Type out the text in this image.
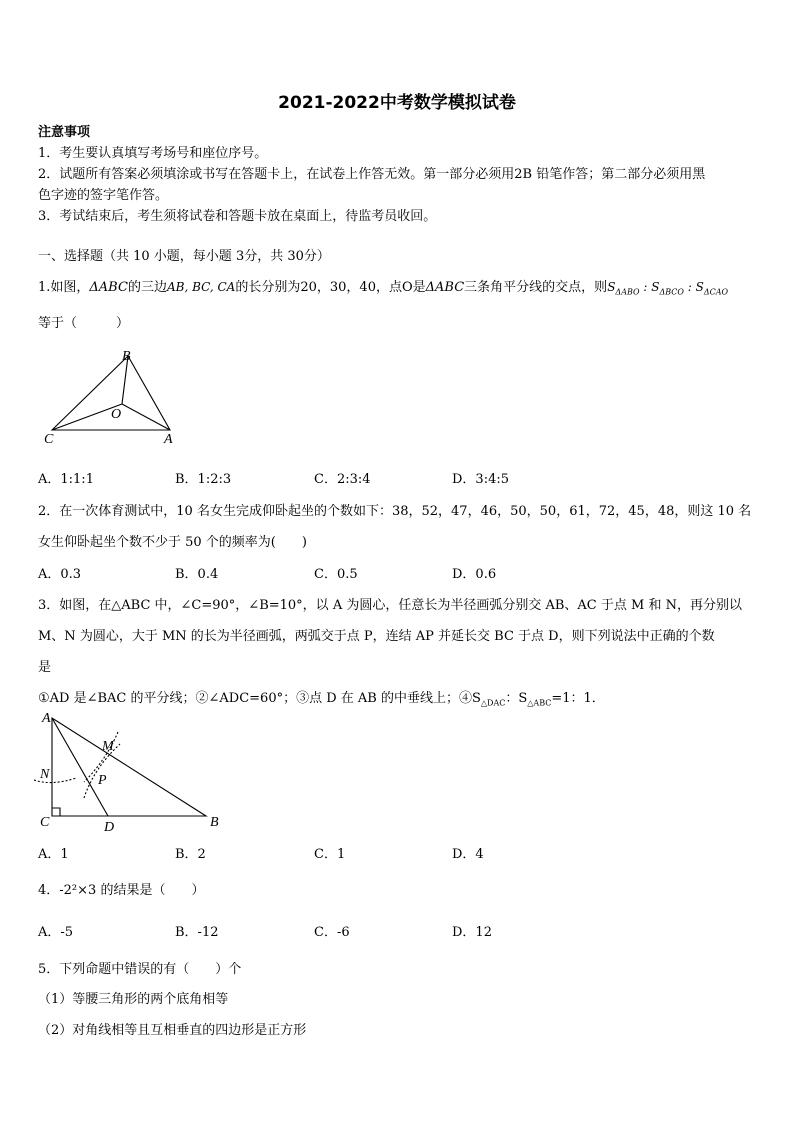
2021-2022中考数学模拟试卷
注意事项
1．考生要认真填写考场号和座位序号。
2．试题所有答案必须填涂或书写在答题卡上，在试卷上作答无效。第一部分必须用2B 铅笔作答；第二部分必须用黑
色字迹的签字笔作答。
3．考试结束后，考生须将试卷和答题卡放在桌面上，待监考员收回。
一、选择题（共 10 小题，每小题 3分，共 30分）
1.如图，ΔABC的三边AB, BC, CA的长分别为20，30，40，点O是ΔABC三条角平分线的交点，则$S_{\Delta ABO}$ : $S_{\Delta BCO}$ : $S_{\Delta CAO}$
等于（　　　）
B
O
C	A
A．1:1:1	B．1:2:3	C．2:3:4	D．3:4:5
2．在一次体育测试中，10 名女生完成仰卧起坐的个数如下：38，52，47，46，50，50，61，72，45，48，则这 10 名
女生仰卧起坐个数不少于 50 个的频率为(　　)
A．0.3	B．0.4	C．0.5	D．0.6
3．如图，在△ABC 中，∠C=90°，∠B=10°，以 A 为圆心，任意长为半径画弧分别交 AB、AC 于点 M 和 N，再分别以
M、N 为圆心，大于 MN 的长为半径画弧，两弧交于点 P，连结 AP 并延长交 BC 于点 D，则下列说法中正确的个数
是
①AD 是∠BAC 的平分线；②∠ADC=60°；③点 D 在 AB 的中垂线上；$④S_{\triangle DAC}$：$S_{\triangle ABC}=1$：1．
A
M
N	P
C	D	B
A．1	B．2	C．1	D．4
4．-2²×3 的结果是（　　）
A．-5	B．-12	C．-6	D．12
5．下列命题中错误的有（　　）个
（1）等腰三角形的两个底角相等
（2）对角线相等且互相垂直的四边形是正方形
